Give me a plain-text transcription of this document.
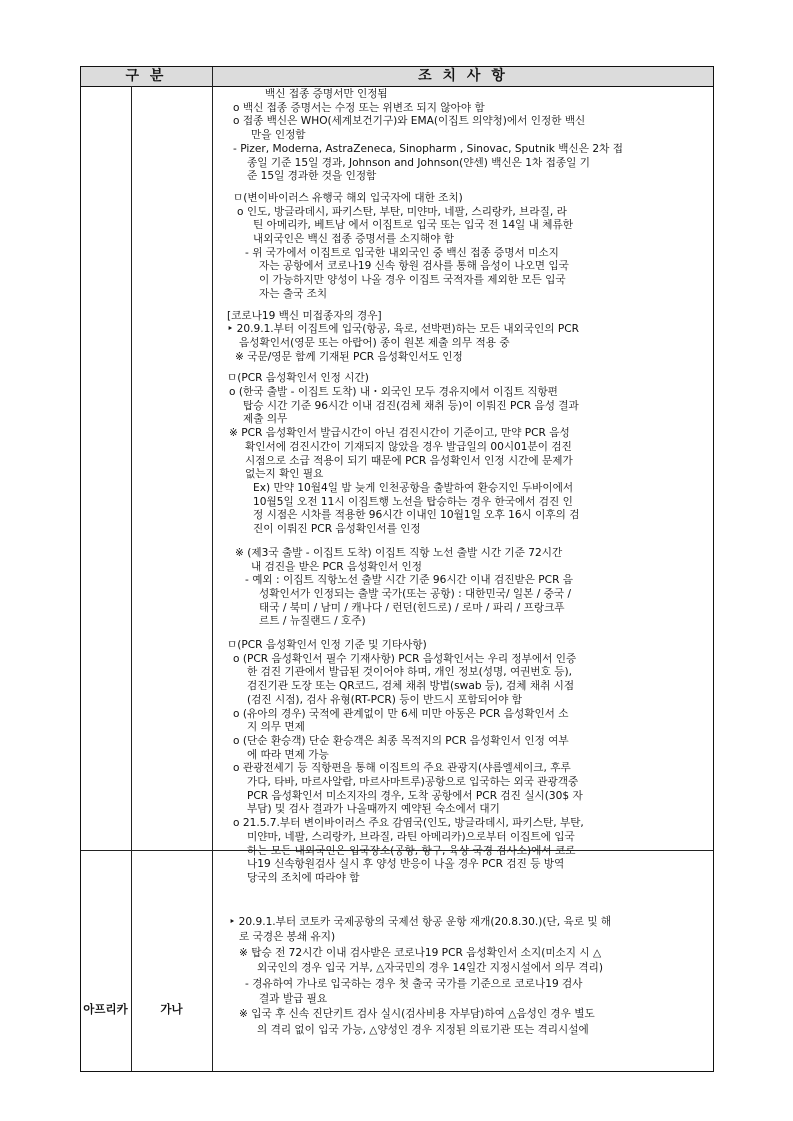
구 분	조 치 사 항
아프리카	가나
백신 접종 증명서만 인정됨
o 백신 접종 증명서는 수정 또는 위변조 되지 않아야 함
o 접종 백신은 WHO(세계보건기구)와 EMA(이집트 의약청)에서 인정한 백신
만을 인정함
- Pizer, Moderna, AstraZeneca, Sinopharm , Sinovac, Sputnik 백신은 2차 접
종일 기준 15일 경과, Johnson and Johnson(얀센) 백신은 1차 접종일 기
준 15일 경과한 것을 인정함
ㅁ(변이바이러스 유행국 해외 입국자에 대한 조치)
o 인도, 방글라데시, 파키스탄, 부탄, 미얀마, 네팔, 스리랑카, 브라질, 라
틴 아메리카, 베트남 에서 이집트로 입국 또는 입국 전 14일 내 체류한
내외국인은 백신 접종 증명서를 소지해야 함
- 위 국가에서 이집트로 입국한 내외국인 중 백신 접종 증명서 미소지
자는 공항에서 코로나19 신속 항원 검사를 통해 음성이 나오면 입국
이 가능하지만 양성이 나올 경우 이집트 국적자를 제외한 모든 입국
자는 출국 조치
[코로나19 백신 미접종자의 경우]
‣ 20.9.1.부터 이집트에 입국(항공, 육로, 선박편)하는 모든 내외국인의 PCR
음성확인서(영문 또는 아랍어) 종이 원본 제출 의무 적용 중
※ 국문/영문 함께 기재된 PCR 음성확인서도 인정
ㅁ(PCR 음성확인서 인정 시간)
o (한국 출발 - 이집트 도착) 내・외국인 모두 경유지에서 이집트 직항편
탑승 시간 기준 96시간 이내 검진(검체 채취 등)이 이뤄진 PCR 음성 결과
제출 의무
※ PCR 음성확인서 발급시간이 아닌 검진시간이 기준이고, 만약 PCR 음성
확인서에 검진시간이 기재되지 않았을 경우 발급일의 00시01분이 검진
시점으로 소급 적용이 되기 때문에 PCR 음성확인서 인정 시간에 문제가
없는지 확인 필요
Ex) 만약 10월4일 밤 늦게 인천공항을 출발하여 환승지인 두바이에서
10월5일 오전 11시 이집트행 노선을 탑승하는 경우 한국에서 검진 인
정 시점은 시차를 적용한 96시간 이내인 10월1일 오후 16시 이후의 검
진이 이뤄진 PCR 음성확인서를 인정
※ (제3국 출발 - 이집트 도착) 이집트 직항 노선 출발 시간 기준 72시간
내 검진을 받은 PCR 음성확인서 인정
- 예외 : 이집트 직항노선 출발 시간 기준 96시간 이내 검진받은 PCR 음
성확인서가 인정되는 출발 국가(또는 공항) : 대한민국/ 일본 / 중국 /
태국 / 북미 / 남미 / 캐나다 / 런던(힌드로) / 로마 / 파리 / 프랑크푸
르트 / 뉴질랜드 / 호주)
ㅁ(PCR 음성확인서 인정 기준 및 기타사항)
o (PCR 음성확인서 필수 기재사항) PCR 음성확인서는 우리 정부에서 인증
한 검진 기관에서 발급된 것이어야 하며, 개인 정보(성명, 여권번호 등),
검진기관 도장 또는 QR코드, 검체 채취 방법(swab 등), 검체 채취 시점
(검진 시점), 검사 유형(RT-PCR) 등이 반드시 포함되어야 함
o (유아의 경우) 국적에 관계없이 만 6세 미만 아동은 PCR 음성확인서 소
지 의무 면제
o (단순 환승객) 단순 환승객은 최종 목적지의 PCR 음성확인서 인정 여부
에 따라 면제 가능
o 관광전세기 등 직항편을 통해 이집트의 주요 관광지(샤름엘셰이크, 후루
가다, 타바, 마르사알람, 마르사마트루)공항으로 입국하는 외국 관광객중
PCR 음성확인서 미소지자의 경우, 도착 공항에서 PCR 검진 실시(30$ 자
부담) 및 검사 결과가 나올때까지 예약된 숙소에서 대기
o 21.5.7.부터 변이바이러스 주요 감염국(인도, 방글라데시, 파키스탄, 부탄,
미얀마, 네팔, 스리랑카, 브라질, 라틴 아메리카)으로부터 이집트에 입국
하는 모든 내외국인은 입국장소(공항, 항구, 육상 국경 검사소)에서 코로
나19 신속항원검사 실시 후 양성 반응이 나올 경우 PCR 검진 등 방역
당국의 조치에 따라야 함
‣ 20.9.1.부터 코토카 국제공항의 국제선 항공 운항 재개(20.8.30.)(단, 육로 및 해
로 국경은 봉쇄 유지)
※ 탑승 전 72시간 이내 검사받은 코로나19 PCR 음성확인서 소지(미소지 시 △
외국인의 경우 입국 거부, △자국민의 경우 14일간 지정시설에서 의무 격리)
- 경유하여 가나로 입국하는 경우 첫 출국 국가를 기준으로 코로나19 검사
결과 발급 필요
※ 입국 후 신속 진단키트 검사 실시(검사비용 자부담)하여 △음성인 경우 별도
의 격리 없이 입국 가능, △양성인 경우 지정된 의료기관 또는 격리시설에
